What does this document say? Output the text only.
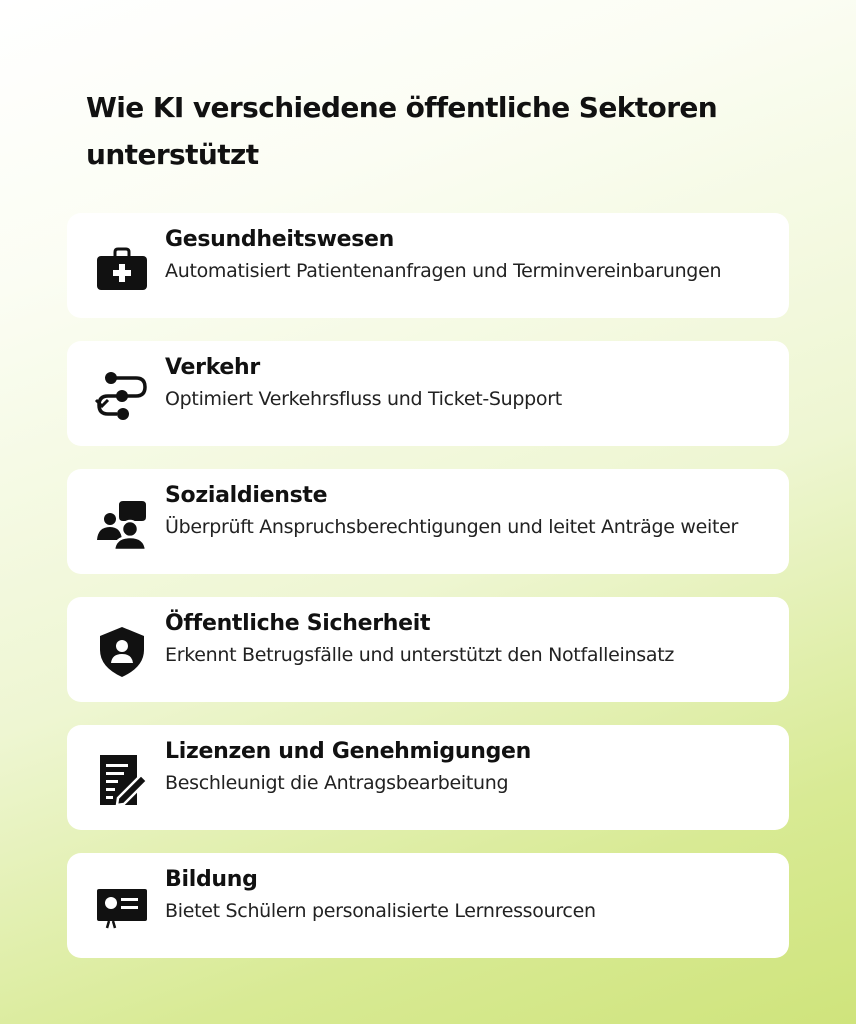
Wie KI verschiedene öffentliche Sektoren unterstützt
Gesundheitswesen
Automatisiert Patientenanfragen und Terminvereinbarungen
Verkehr
Optimiert Verkehrsfluss und Ticket-Support
Sozialdienste
Überprüft Anspruchsberechtigungen und leitet Anträge weiter
Öffentliche Sicherheit
Erkennt Betrugsfälle und unterstützt den Notfalleinsatz
Lizenzen und Genehmigungen
Beschleunigt die Antragsbearbeitung
Bildung
Bietet Schülern personalisierte Lernressourcen
